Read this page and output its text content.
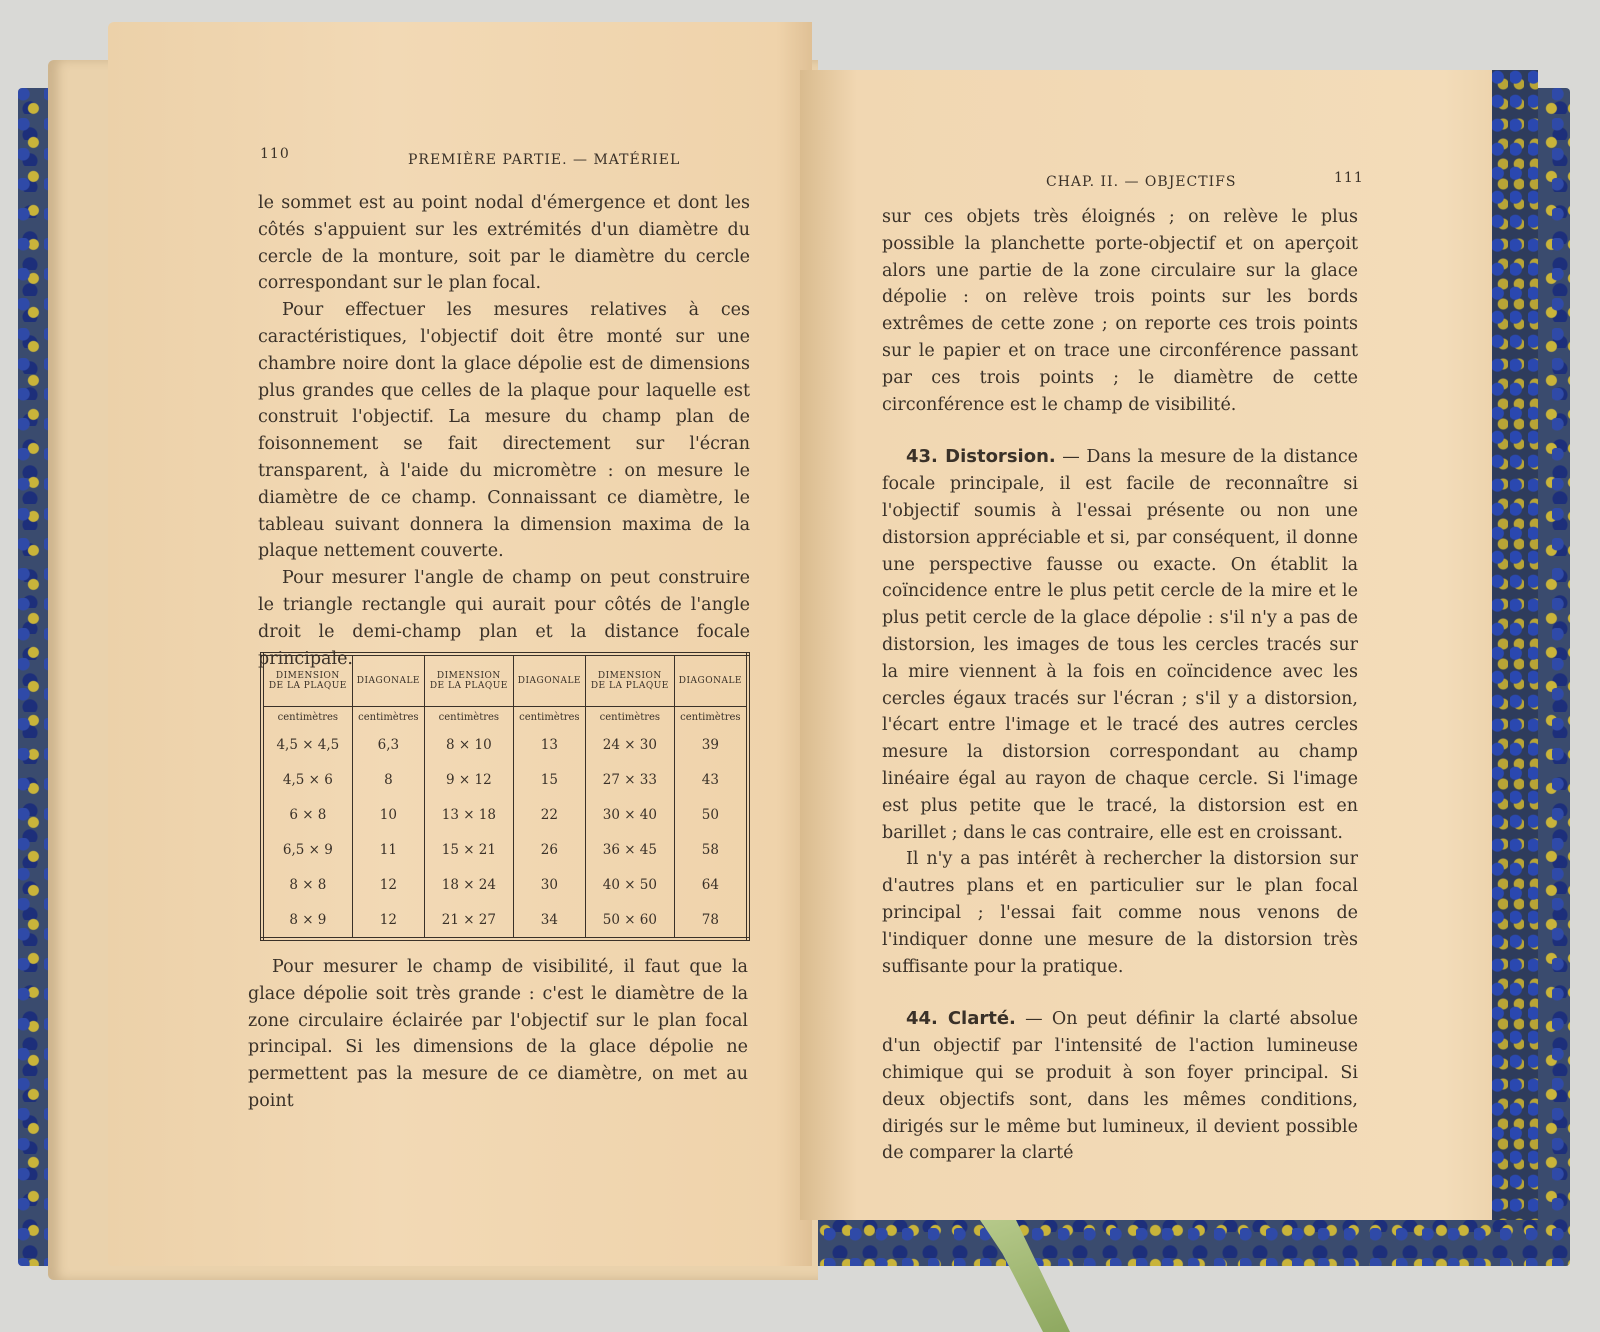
110	PREMIÈRE PARTIE. — MATÉRIEL

le sommet est au point nodal d'émergence et dont les côtés s'appuient sur les extrémités d'un diamètre du cercle de la monture, soit par le diamètre du cercle correspondant sur le plan focal.

Pour effectuer les mesures relatives à ces caractéristiques, l'objectif doit être monté sur une chambre noire dont la glace dépolie est de dimensions plus grandes que celles de la plaque pour laquelle est construit l'objectif. La mesure du champ plan de foisonnement se fait directement sur l'écran transparent, à l'aide du micromètre : on mesure le diamètre de ce champ. Connaissant ce diamètre, le tableau suivant donnera la dimension maxima de la plaque nettement couverte.

Pour mesurer l'angle de champ on peut construire le triangle rectangle qui aurait pour côtés de l'angle droit le demi-champ plan et la distance focale principale.

DIMENSION DE LA PLAQUE	DIAGONALE	DIMENSION DE LA PLAQUE	DIAGONALE	DIMENSION DE LA PLAQUE	DIAGONALE
centimètres	centimètres	centimètres	centimètres	centimètres	centimètres
4,5 × 4,5	6,3	8 × 10	13	24 × 30	39
4,5 × 6	8	9 × 12	15	27 × 33	43
6 × 8	10	13 × 18	22	30 × 40	50
6,5 × 9	11	15 × 21	26	36 × 45	58
8 × 8	12	18 × 24	30	40 × 50	64
8 × 9	12	21 × 27	34	50 × 60	78

Pour mesurer le champ de visibilité, il faut que la glace dépolie soit très grande : c'est le diamètre de la zone circulaire éclairée par l'objectif sur le plan focal principal. Si les dimensions de la glace dépolie ne permettent pas la mesure de ce diamètre, on met au point

CHAP. II. — OBJECTIFS	111

sur ces objets très éloignés ; on relève le plus possible la planchette porte-objectif et on aperçoit alors une partie de la zone circulaire sur la glace dépolie : on relève trois points sur les bords extrêmes de cette zone ; on reporte ces trois points sur le papier et on trace une circonférence passant par ces trois points ; le diamètre de cette circonférence est le champ de visibilité.

43. Distorsion. — Dans la mesure de la distance focale principale, il est facile de reconnaître si l'objectif soumis à l'essai présente ou non une distorsion appréciable et si, par conséquent, il donne une perspective fausse ou exacte. On établit la coïncidence entre le plus petit cercle de la mire et le plus petit cercle de la glace dépolie : s'il n'y a pas de distorsion, les images de tous les cercles tracés sur la mire viennent à la fois en coïncidence avec les cercles égaux tracés sur l'écran ; s'il y a distorsion, l'écart entre l'image et le tracé des autres cercles mesure la distorsion correspondant au champ linéaire égal au rayon de chaque cercle. Si l'image est plus petite que le tracé, la distorsion est en barillet ; dans le cas contraire, elle est en croissant.

Il n'y a pas intérêt à rechercher la distorsion sur d'autres plans et en particulier sur le plan focal principal ; l'essai fait comme nous venons de l'indiquer donne une mesure de la distorsion très suffisante pour la pratique.

44. Clarté. — On peut définir la clarté absolue d'un objectif par l'intensité de l'action lumineuse chimique qui se produit à son foyer principal. Si deux objectifs sont, dans les mêmes conditions, dirigés sur le même but lumineux, il devient possible de comparer la clarté
